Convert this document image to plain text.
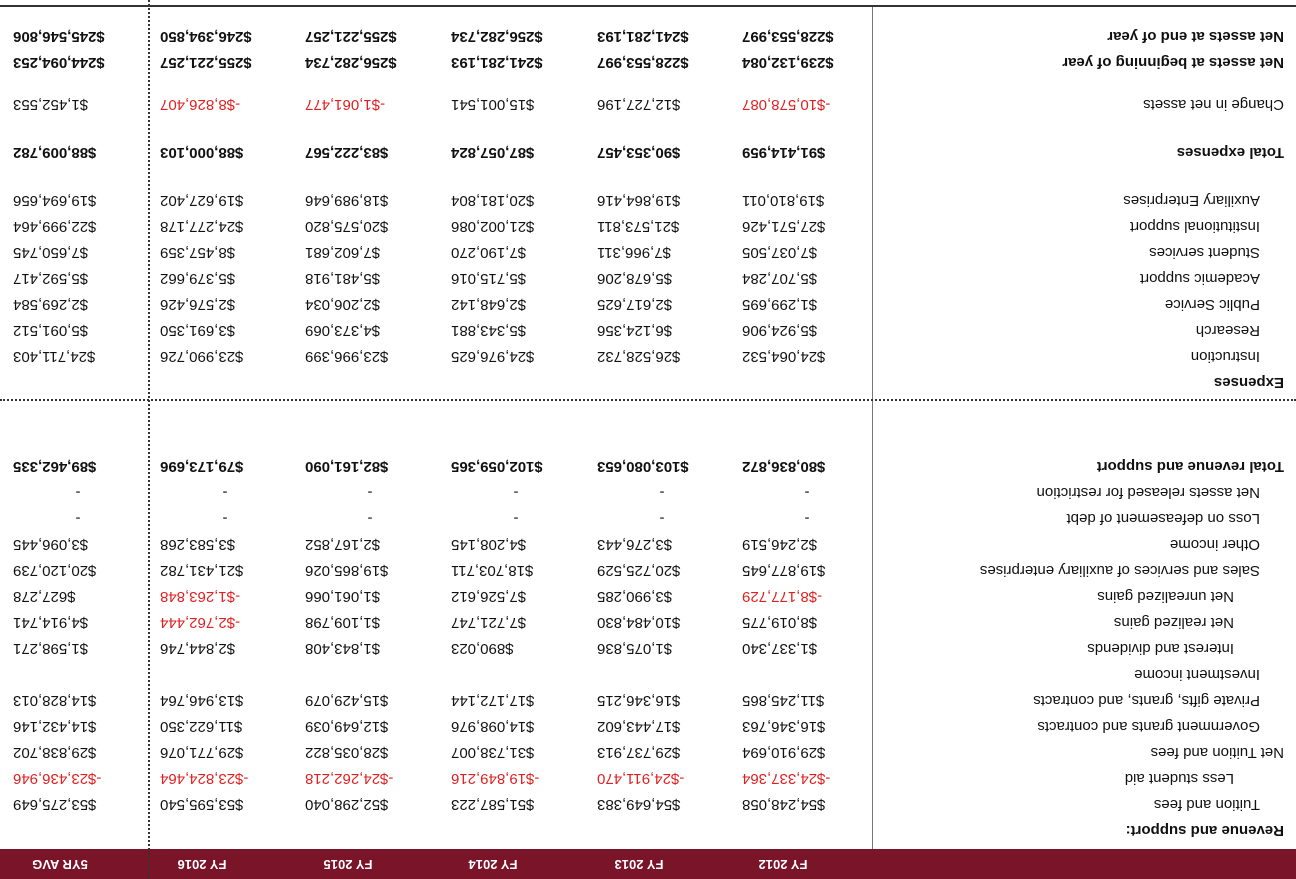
FY 2012
FY 2013
FY 2014
FY 2015
FY 2016
5YR AVG
Revenue and support:
Tuition and fees
$54,248,058
$54,649,383
$51,587,223
$52,298,040
$53,595,540
$53,275,649
Less student aid
-$24,337,364
-$24,911,470
-$19,849,216
-$24,262,218
-$23,824,464
-$23,436,946
Net Tuition and fees
$29,910,694
$29,737,913
$31,738,007
$28,035,822
$29,771,076
$29,838,702
Government grants and contracts
$16,346,763
$17,443,602
$14,098,976
$12,649,039
$11,622,350
$14,432,146
Private gifts, grants, and contracts
$11,245,865
$16,346,215
$17,172,144
$15,429,079
$13,946,764
$14,828,013
Investment income
Interest and dividends
$1,337,340
$1,075,836
$890,023
$1,843,408
$2,844,746
$1,598,271
Net realized gains
$8,019,775
$10,484,830
$7,721,747
$1,109,798
-$2,762,444
$4,914,741
Net unrealized gains
-$8,177,729
$3,990,285
$7,526,612
$1,061,066
-$1,263,848
$627,278
Sales and services of auxiliary enterprises
$19,877,645
$20,725,529
$18,703,711
$19,865,026
$21,431,782
$20,120,739
Other income
$2,246,519
$3,276,443
$4,208,145
$2,167,852
$3,583,268
$3,096,445
Loss on defeasement of debt
-
-
-
-
-
-
Net assets released for restriction
-
-
-
-
-
-
Total revenue and support
$80,836,872
$103,080,653
$102,059,365
$82,161,090
$79,173,696
$89,462,335
Expenses
Instruction
$24,064,532
$26,528,732
$24,976,625
$23,996,399
$23,990,726
$24,711,403
Research
$5,924,906
$6,124,356
$5,343,881
$4,373,069
$3,691,350
$5,091,512
Public Service
$1,299,695
$2,617,625
$2,648,142
$2,206,034
$2,576,426
$2,269,584
Academic support
$5,707,284
$5,678,206
$5,715,016
$5,481,918
$5,379,662
$5,592,417
Student services
$7,037,505
$7,966,311
$7,190,270
$7,602,681
$8,457,359
$7,650,745
Institutional support
$27,571,426
$21,573,811
$21,002,086
$20,575,820
$24,277,178
$22,999,464
Auxiliary Enterprises
$19,810,011
$19,864,416
$20,181,804
$18,989,646
$19,627,402
$19,694,656
Total expenses
$91,414,959
$90,353,457
$87,057,824
$83,222,567
$88,000,103
$88,009,782
Change in net assets
-$10,578,087
$12,727,196
$15,001,541
-$1,061,477
-$8,826,407
$1,452,553
Net assets at beginning of year
$239,132,084
$228,553,997
$241,281,193
$256,282,734
$255,221,257
$244,094,253
Net assets at end of year
$228,553,997
$241,281,193
$256,282,734
$255,221,257
$246,394,850
$245,546,806
